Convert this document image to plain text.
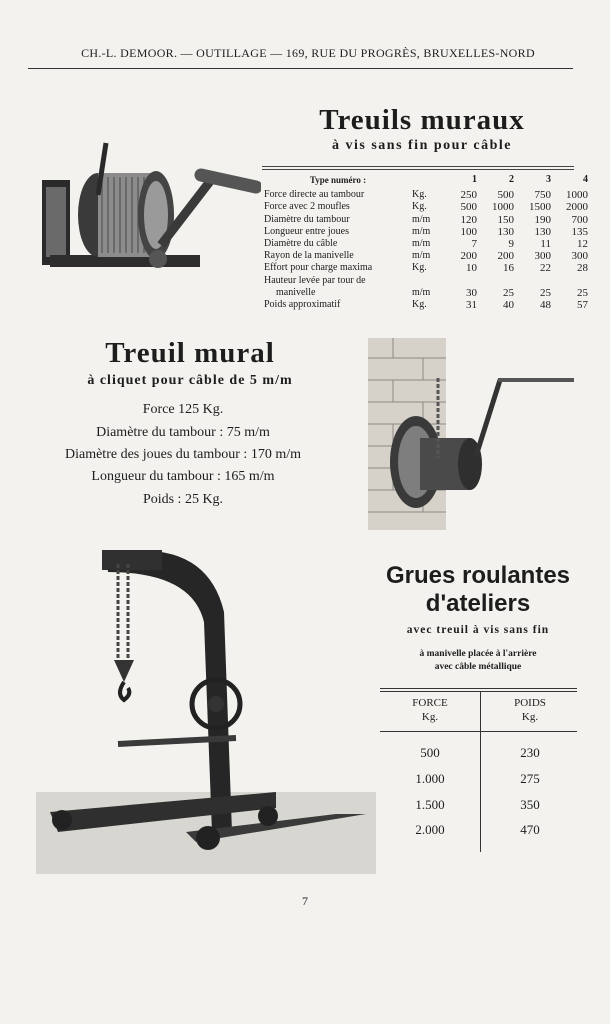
CH.-L. DEMOOR. — OUTILLAGE — 169, RUE DU PROGRÈS, BRUXELLES-NORD
Treuils muraux
à vis sans fin pour câble
Type numéro :		1	2	3	4
Force directe au tambour	Kg.	250	500	750	1000
Force avec 2 moufles	Kg.	500	1000	1500	2000
Diamètre du tambour	m/m	120	150	190	700
Longueur entre joues	m/m	100	130	130	135
Diamètre du câble	m/m	7	9	11	12
Rayon de la manivelle	m/m	200	200	300	300
Effort pour charge maxima	Kg.	10	16	22	28
Hauteur levée par tour de					
manivelle	m/m	30	25	25	25
Poids approximatif	Kg.	31	40	48	57
Treuil mural
à cliquet pour câble de 5 m/m
Force 125 Kg.
Diamètre du tambour : 75 m/m
Diamètre des joues du tambour : 170 m/m
Longueur du tambour : 165 m/m
Poids : 25 Kg.
Grues roulantes
d'ateliers
avec treuil à vis sans fin
à manivelle placée à l'arrière
avec câble métallique
FORCE
Kg.
POIDS
Kg.
500	230
1.000	275
1.500	350
2.000	470
7
